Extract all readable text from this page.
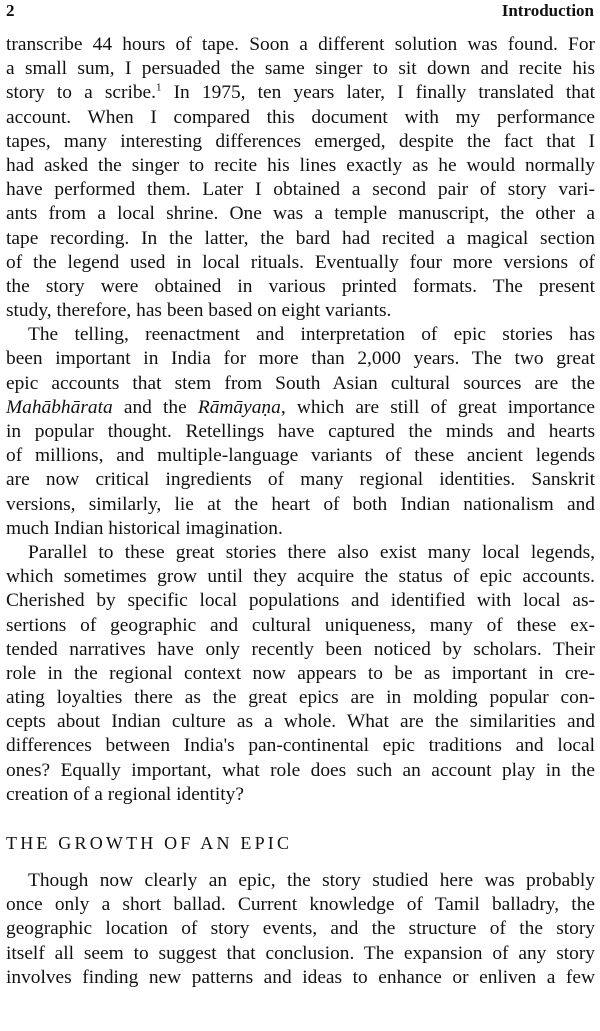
2	Introduction
transcribe 44 hours of tape. Soon a different solution was found. For
a small sum, I persuaded the same singer to sit down and recite his
story to a scribe.$^1$ In 1975, ten years later, I finally translated that
account. When I compared this document with my performance
tapes, many interesting differences emerged, despite the fact that I
had asked the singer to recite his lines exactly as he would normally
have performed them. Later I obtained a second pair of story vari-
ants from a local shrine. One was a temple manuscript, the other a
tape recording. In the latter, the bard had recited a magical section
of the legend used in local rituals. Eventually four more versions of
the story were obtained in various printed formats. The present
study, therefore, has been based on eight variants.
The telling, reenactment and interpretation of epic stories has
been important in India for more than 2,000 years. The two great
epic accounts that stem from South Asian cultural sources are the
Mahābhārata and the Rāmāyaṇa, which are still of great importance
in popular thought. Retellings have captured the minds and hearts
of millions, and multiple-language variants of these ancient legends
are now critical ingredients of many regional identities. Sanskrit
versions, similarly, lie at the heart of both Indian nationalism and
much Indian historical imagination.
Parallel to these great stories there also exist many local legends,
which sometimes grow until they acquire the status of epic accounts.
Cherished by specific local populations and identified with local as-
sertions of geographic and cultural uniqueness, many of these ex-
tended narratives have only recently been noticed by scholars. Their
role in the regional context now appears to be as important in cre-
ating loyalties there as the great epics are in molding popular con-
cepts about Indian culture as a whole. What are the similarities and
differences between India's pan-continental epic traditions and local
ones? Equally important, what role does such an account play in the
creation of a regional identity?
THE GROWTH OF AN EPIC
Though now clearly an epic, the story studied here was probably
once only a short ballad. Current knowledge of Tamil balladry, the
geographic location of story events, and the structure of the story
itself all seem to suggest that conclusion. The expansion of any story
involves finding new patterns and ideas to enhance or enliven a few
